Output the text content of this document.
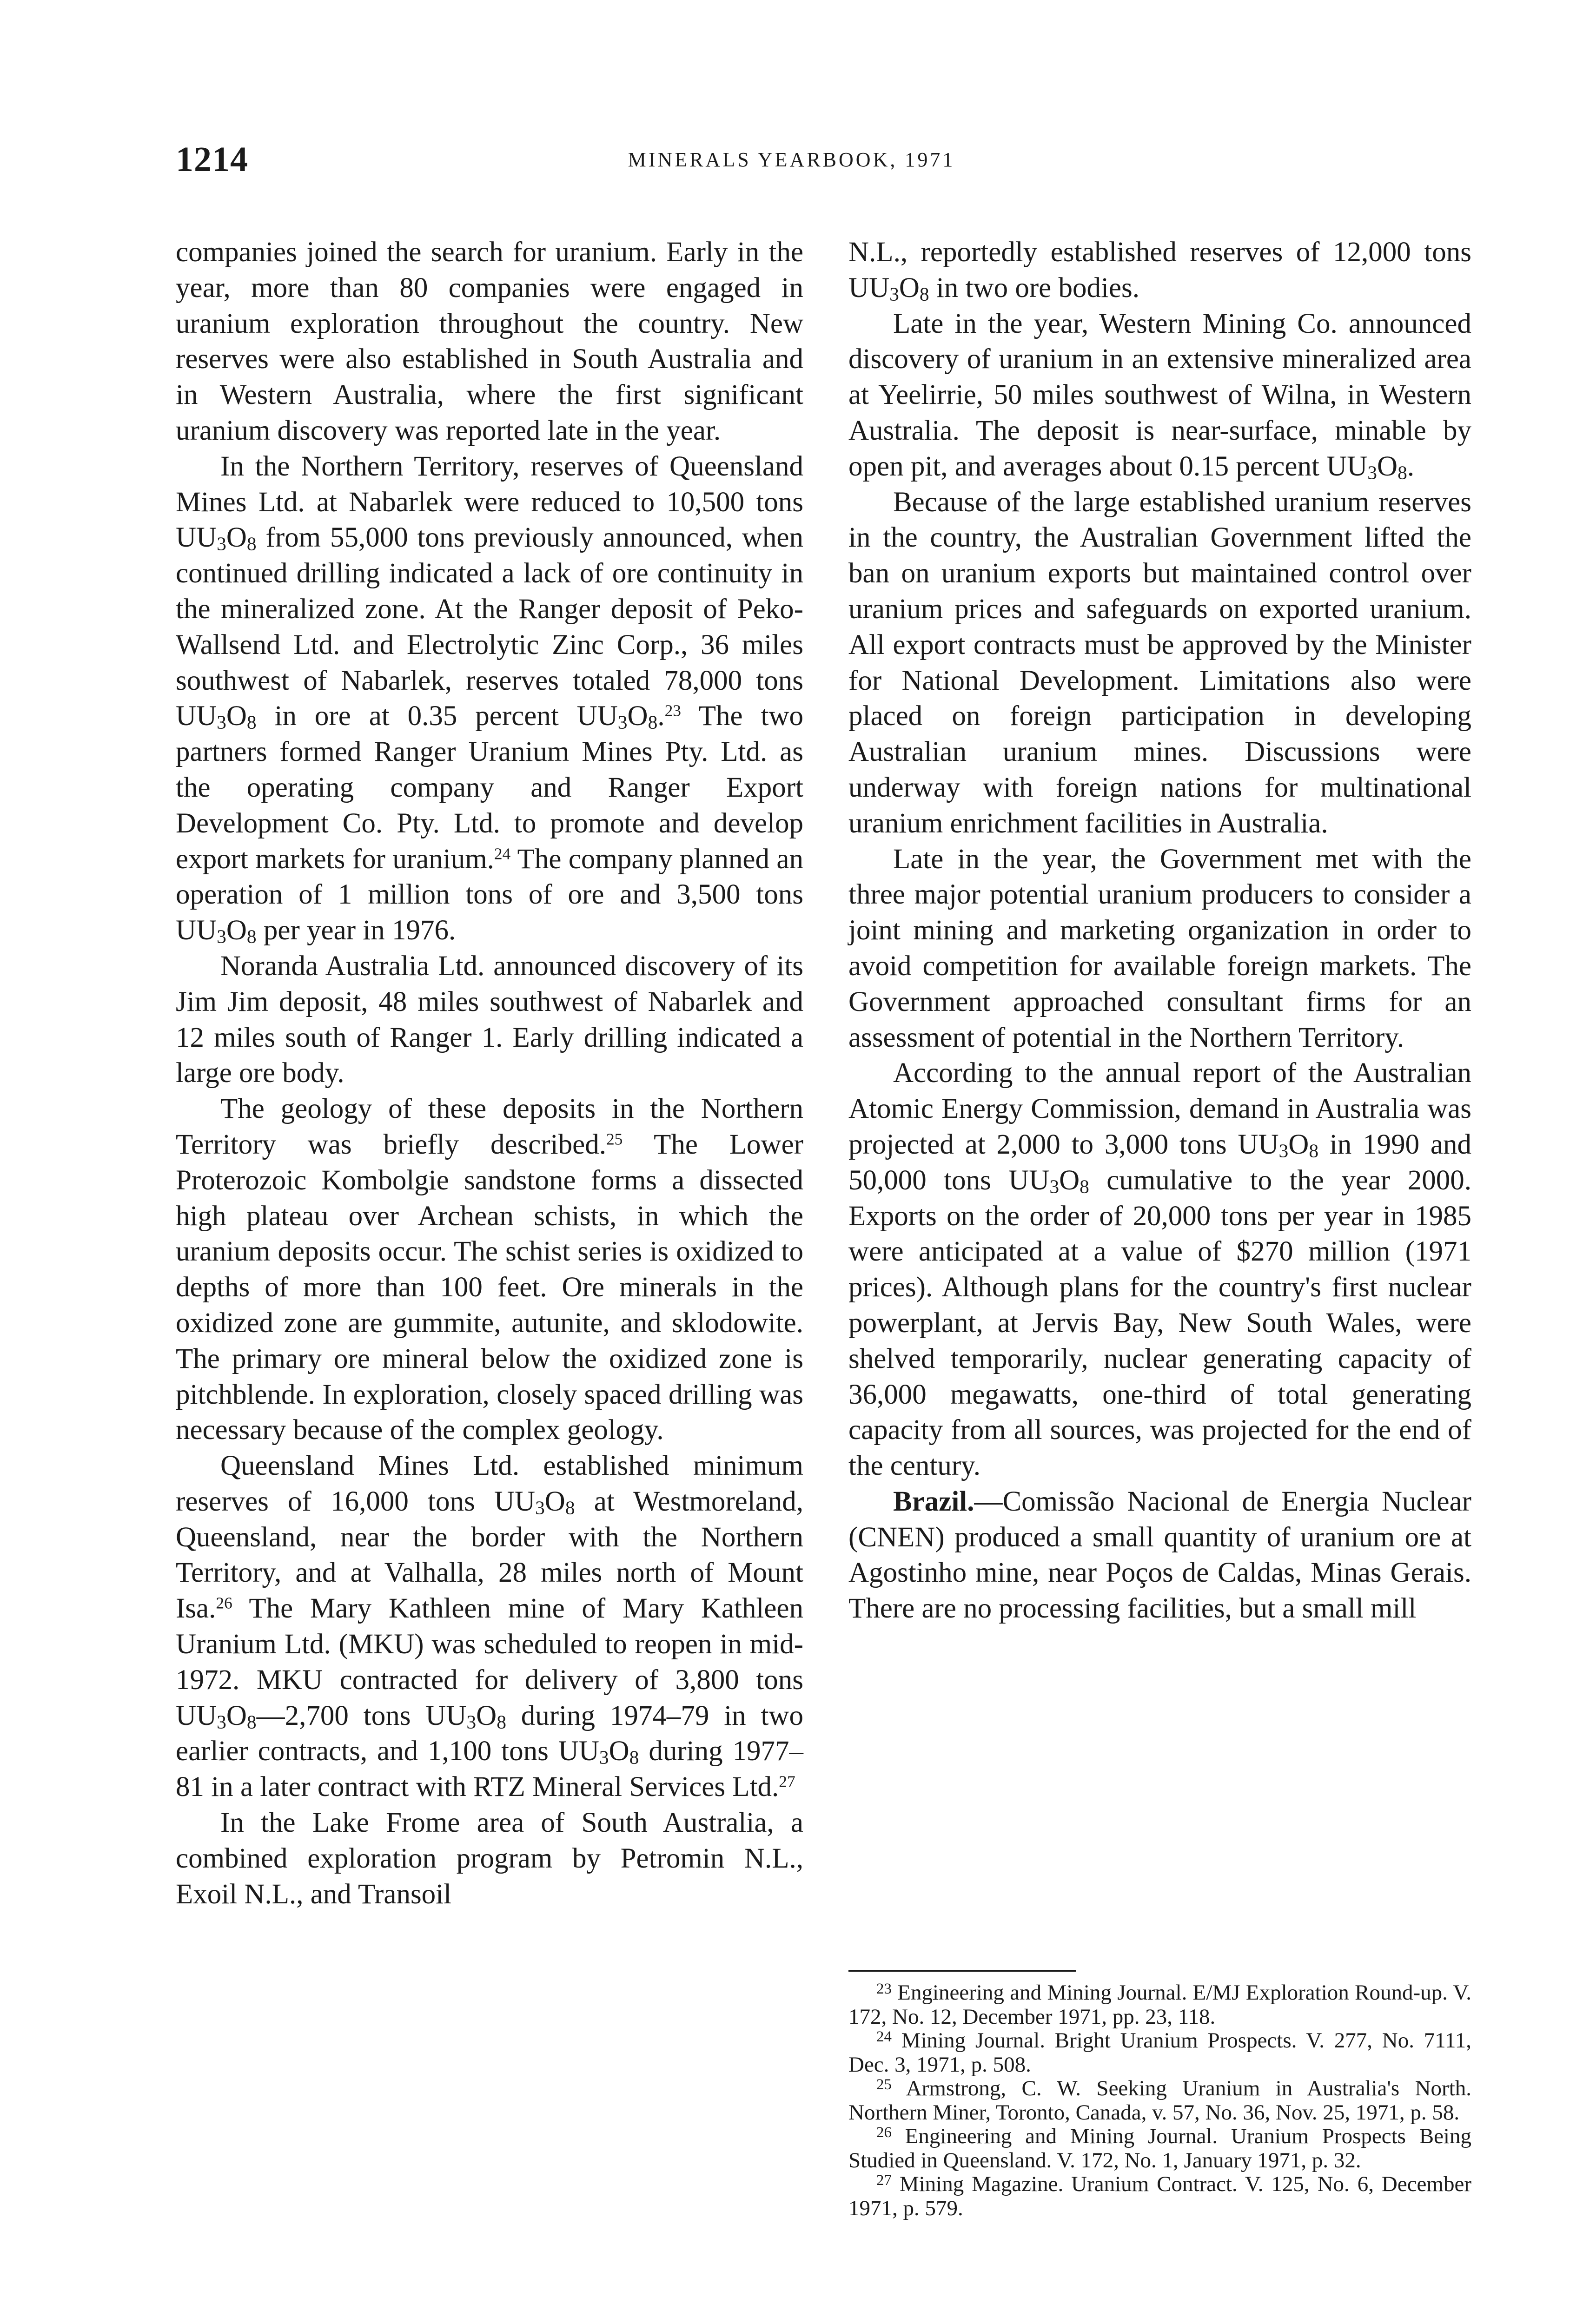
1214	MINERALS YEARBOOK, 1971

companies joined the search for uranium. Early in the year, more than 80 companies were engaged in uranium exploration throughout the country. New reserves were also established in South Australia and in Western Australia, where the first significant uranium discovery was reported late in the year.

In the Northern Territory, reserves of Queensland Mines Ltd. at Nabarlek were reduced to 10,500 tons $UU_3O_8$ from 55,000 tons previously announced, when continued drilling indicated a lack of ore continuity in the mineralized zone. At the Ranger deposit of Peko-Wallsend Ltd. and Electrolytic Zinc Corp., 36 miles southwest of Nabarlek, reserves totaled 78,000 tons $UU_3O_8$ in ore at 0.35 percent $UU_3O_8.^{23}$ The two partners formed Ranger Uranium Mines Pty. Ltd. as the operating company and Ranger Export Development Co. Pty. Ltd. to promote and develop export markets for uranium.$^{24}$ The company planned an operation of 1 million tons of ore and 3,500 tons $UU_3O_8$ per year in 1976.

Noranda Australia Ltd. announced discovery of its Jim Jim deposit, 48 miles southwest of Nabarlek and 12 miles south of Ranger 1. Early drilling indicated a large ore body.

The geology of these deposits in the Northern Territory was briefly described.$^{25}$ The Lower Proterozoic Kombolgie sandstone forms a dissected high plateau over Archean schists, in which the uranium deposits occur. The schist series is oxidized to depths of more than 100 feet. Ore minerals in the oxidized zone are gummite, autunite, and sklodowite. The primary ore mineral below the oxidized zone is pitchblende. In exploration, closely spaced drilling was necessary because of the complex geology.

Queensland Mines Ltd. established minimum reserves of 16,000 tons $UU_3O_8$ at Westmoreland, Queensland, near the border with the Northern Territory, and at Valhalla, 28 miles north of Mount Isa.$^{26}$ The Mary Kathleen mine of Mary Kathleen Uranium Ltd. (MKU) was scheduled to reopen in mid-1972. MKU contracted for delivery of 3,800 tons $UU_3O_8—2,700$ tons $UU_3O_8$ during 1974–79 in two earlier contracts, and 1,100 tons $UU_3O_8$ during 1977–81 in a later contract with RTZ Mineral Services Ltd.$^{27}$

In the Lake Frome area of South Australia, a combined exploration program by Petromin N.L., Exoil N.L., and Transoil

N.L., reportedly established reserves of 12,000 tons $UU_3O_8$ in two ore bodies.

Late in the year, Western Mining Co. announced discovery of uranium in an extensive mineralized area at Yeelirrie, 50 miles southwest of Wilna, in Western Australia. The deposit is near-surface, minable by open pit, and averages about 0.15 percent $UU_3O_8$.

Because of the large established uranium reserves in the country, the Australian Government lifted the ban on uranium exports but maintained control over uranium prices and safeguards on exported uranium. All export contracts must be approved by the Minister for National Development. Limitations also were placed on foreign participation in developing Australian uranium mines. Discussions were underway with foreign nations for multinational uranium enrichment facilities in Australia.

Late in the year, the Government met with the three major potential uranium producers to consider a joint mining and marketing organization in order to avoid competition for available foreign markets. The Government approached consultant firms for an assessment of potential in the Northern Territory.

According to the annual report of the Australian Atomic Energy Commission, demand in Australia was projected at 2,000 to 3,000 tons $UU_3O_8$ in 1990 and 50,000 tons $UU_3O_8$ cumulative to the year 2000. Exports on the order of 20,000 tons per year in 1985 were anticipated at a value of $270 million (1971 prices). Although plans for the country's first nuclear powerplant, at Jervis Bay, New South Wales, were shelved temporarily, nuclear generating capacity of 36,000 megawatts, one-third of total generating capacity from all sources, was projected for the end of the century.

Brazil.—Comissão Nacional de Energia Nuclear (CNEN) produced a small quantity of uranium ore at Agostinho mine, near Poços de Caldas, Minas Gerais. There are no processing facilities, but a small mill

$^{23}$ Engineering and Mining Journal. E/MJ Exploration Round-up. V. 172, No. 12, December 1971, pp. 23, 118.

$^{24}$ Mining Journal. Bright Uranium Prospects. V. 277, No. 7111, Dec. 3, 1971, p. 508.

$^{25}$ Armstrong, C. W. Seeking Uranium in Australia's North. Northern Miner, Toronto, Canada, v. 57, No. 36, Nov. 25, 1971, p. 58.

$^{26}$ Engineering and Mining Journal. Uranium Prospects Being Studied in Queensland. V. 172, No. 1, January 1971, p. 32.

$^{27}$ Mining Magazine. Uranium Contract. V. 125, No. 6, December 1971, p. 579.
